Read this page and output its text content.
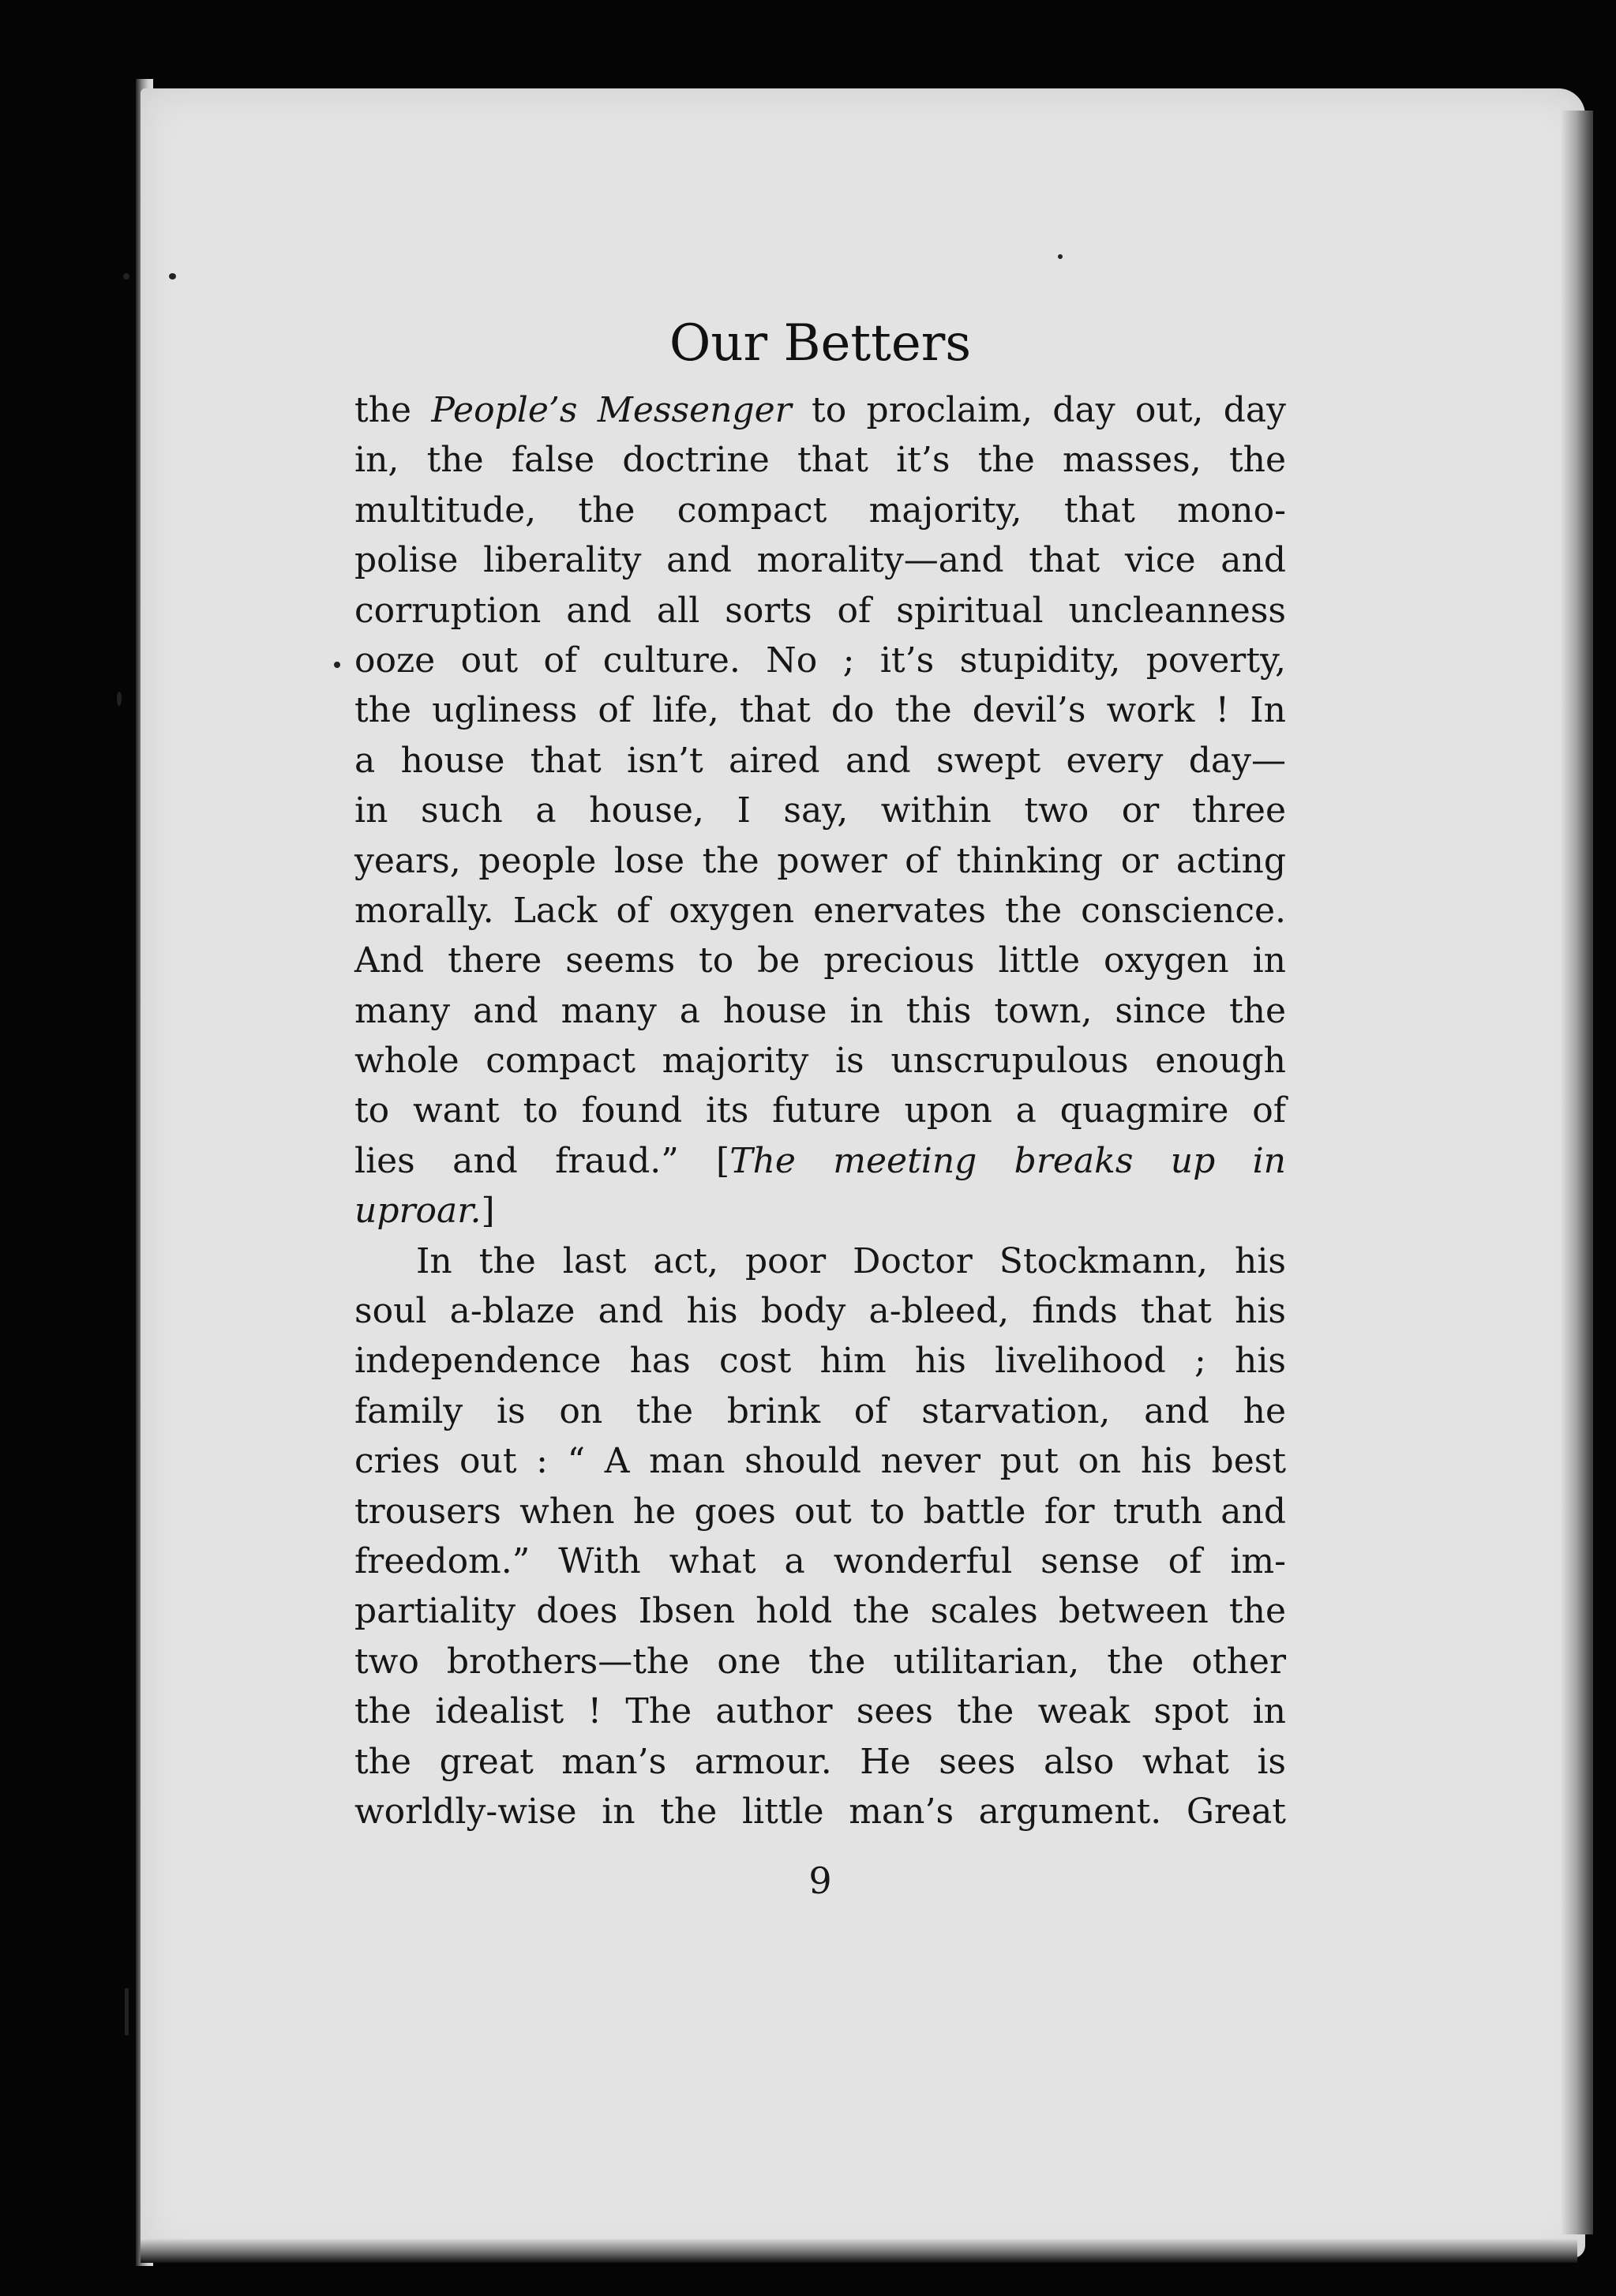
Our Betters
the People’s Messenger to proclaim, day out, day
in, the false doctrine that it’s the masses, the
multitude, the compact majority, that mono-
polise liberality and morality—and that vice and
corruption and all sorts of spiritual uncleanness
ooze out of culture. No ; it’s stupidity, poverty,
the ugliness of life, that do the devil’s work ! In
a house that isn’t aired and swept every day—
in such a house, I say, within two or three
years, people lose the power of thinking or acting
morally. Lack of oxygen enervates the conscience.
And there seems to be precious little oxygen in
many and many a house in this town, since the
whole compact majority is unscrupulous enough
to want to found its future upon a quagmire of
lies and fraud.” [The meeting breaks up in
uproar.]
In the last act, poor Doctor Stockmann, his
soul a-blaze and his body a-bleed, finds that his
independence has cost him his livelihood ; his
family is on the brink of starvation, and he
cries out : “ A man should never put on his best
trousers when he goes out to battle for truth and
freedom.” With what a wonderful sense of im-
partiality does Ibsen hold the scales between the
two brothers—the one the utilitarian, the other
the idealist ! The author sees the weak spot in
the great man’s armour. He sees also what is
worldly-wise in the little man’s argument. Great
9
